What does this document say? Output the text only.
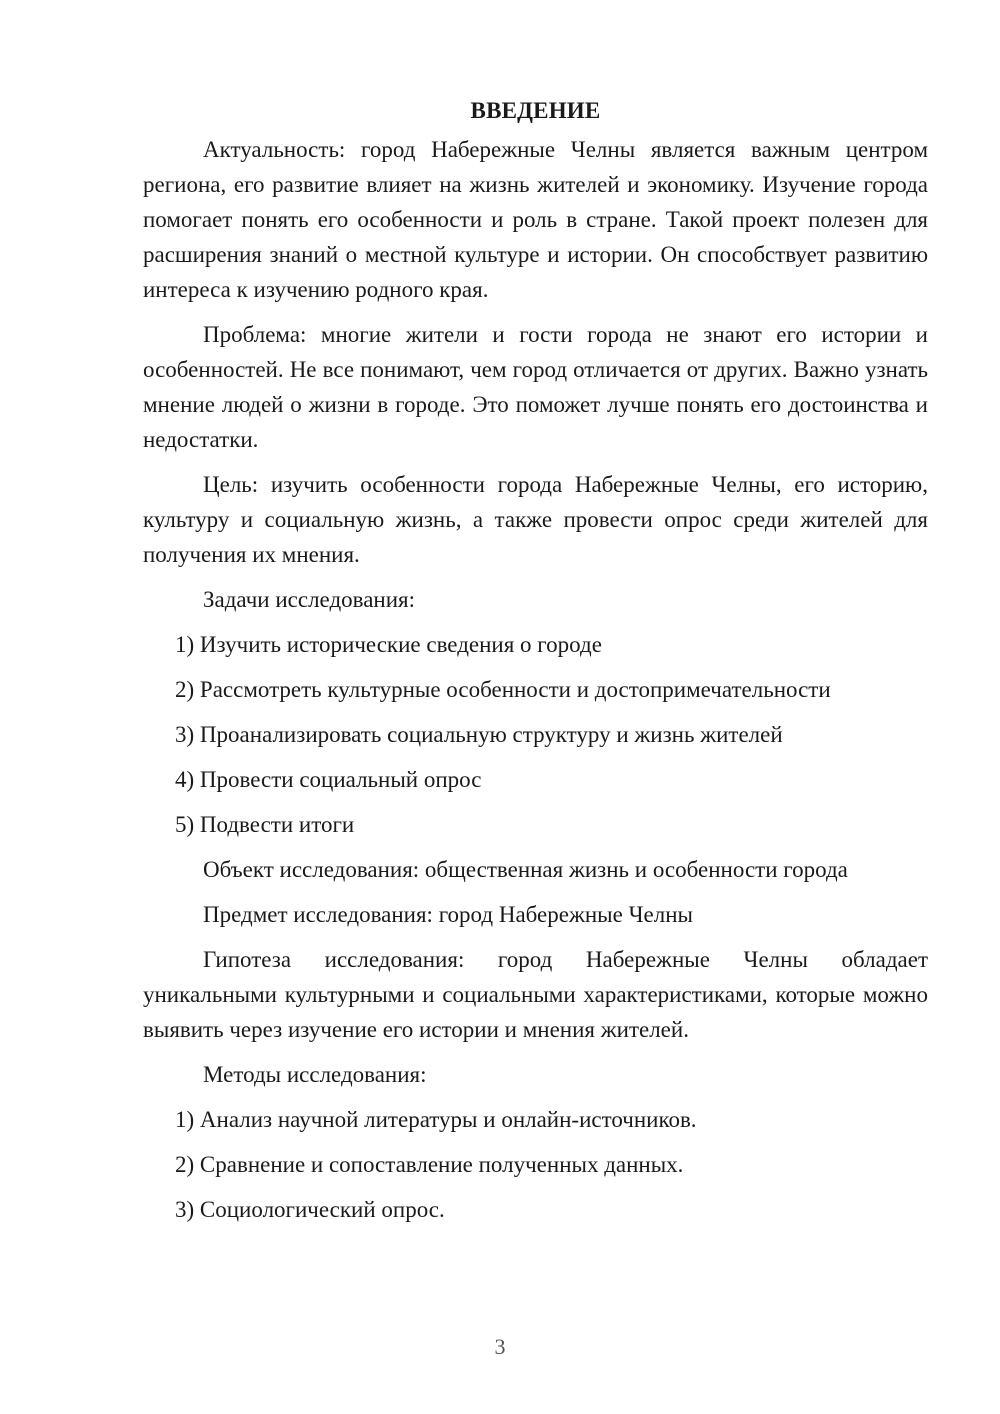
ВВЕДЕНИЕ
Актуальность: город Набережные Челны является важным центром региона, его развитие влияет на жизнь жителей и экономику. Изучение города помогает понять его особенности и роль в стране. Такой проект полезен для расширения знаний о местной культуре и истории. Он способствует развитию интереса к изучению родного края.
Проблема: многие жители и гости города не знают его истории и особенностей. Не все понимают, чем город отличается от других. Важно узнать мнение людей о жизни в городе. Это поможет лучше понять его достоинства и недостатки.
Цель: изучить особенности города Набережные Челны, его историю, культуру и социальную жизнь, а также провести опрос среди жителей для получения их мнения.
Задачи исследования:
1) Изучить исторические сведения о городе
2) Рассмотреть культурные особенности и достопримечательности
3) Проанализировать социальную структуру и жизнь жителей
4) Провести социальный опрос
5) Подвести итоги
Объект исследования: общественная жизнь и особенности города
Предмет исследования: город Набережные Челны
Гипотеза исследования: город Набережные Челны обладает уникальными культурными и социальными характеристиками, которые можно выявить через изучение его истории и мнения жителей.
Методы исследования:
1) Анализ научной литературы и онлайн-источников.
2) Сравнение и сопоставление полученных данных.
3) Социологический опрос.
3
